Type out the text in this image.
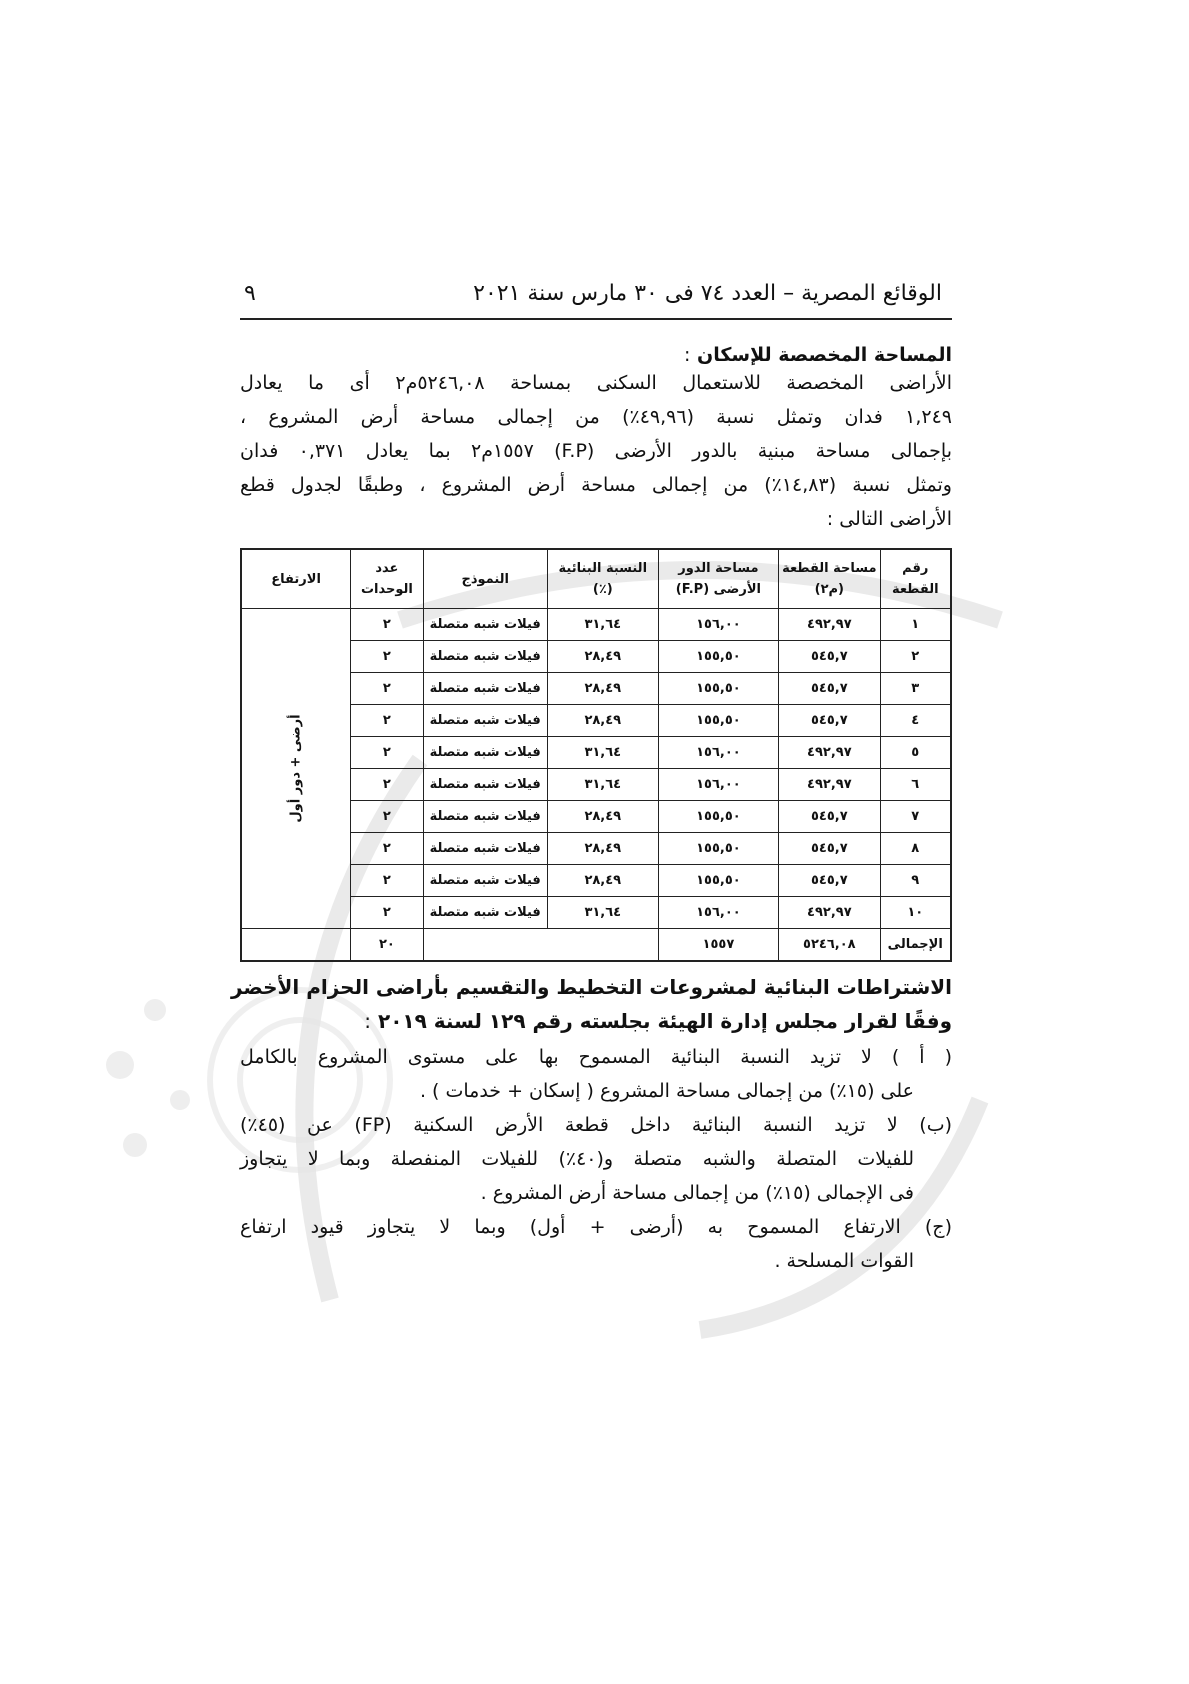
الوقائع المصرية – العدد ٧٤ فى ٣٠ مارس سنة ٢٠٢١
٩
المساحة المخصصة للإسكان :
الأراضى المخصصة للاستعمال السكنى بمساحة ٥٢٤٦,٠٨م٢ أى ما يعادل
١,٢٤٩ فدان وتمثل نسبة (٤٩,٩٦٪) من إجمالى مساحة أرض المشروع ،
بإجمالى مساحة مبنية بالدور الأرضى (F.P) ١٥٥٧م٢ بما يعادل ٠,٣٧١ فدان
وتمثل نسبة (١٤,٨٣٪) من إجمالى مساحة أرض المشروع ، وطبقًا لجدول قطع
الأراضى التالى :
رقم القطعة	مساحة القطعة (م٢)	مساحة الدور الأرضى (F.P)	النسبة البنائية (٪)	النموذج	عدد الوحدات	الارتفاع
١	٤٩٢,٩٧	١٥٦,٠٠	٣١,٦٤	فيلات شبه متصلة	٢	أرضى + دور أول
٢	٥٤٥,٧	١٥٥,٥٠	٢٨,٤٩	فيلات شبه متصلة	٢	
٣	٥٤٥,٧	١٥٥,٥٠	٢٨,٤٩	فيلات شبه متصلة	٢	
٤	٥٤٥,٧	١٥٥,٥٠	٢٨,٤٩	فيلات شبه متصلة	٢	
٥	٤٩٢,٩٧	١٥٦,٠٠	٣١,٦٤	فيلات شبه متصلة	٢	
٦	٤٩٢,٩٧	١٥٦,٠٠	٣١,٦٤	فيلات شبه متصلة	٢	
٧	٥٤٥,٧	١٥٥,٥٠	٢٨,٤٩	فيلات شبه متصلة	٢	
٨	٥٤٥,٧	١٥٥,٥٠	٢٨,٤٩	فيلات شبه متصلة	٢	
٩	٥٤٥,٧	١٥٥,٥٠	٢٨,٤٩	فيلات شبه متصلة	٢	
١٠	٤٩٢,٩٧	١٥٦,٠٠	٣١,٦٤	فيلات شبه متصلة	٢	
الإجمالى	٥٢٤٦,٠٨	١٥٥٧			٢٠	
الاشتراطات البنائية لمشروعات التخطيط والتقسيم بأراضى الحزام الأخضر
وفقًا لقرار مجلس إدارة الهيئة بجلسته رقم ١٢٩ لسنة ٢٠١٩ :
( أ ) لا تزيد النسبة البنائية المسموح بها على مستوى المشروع بالكامل
على (١٥٪) من إجمالى مساحة المشروع ( إسكان + خدمات ) .
(ب) لا تزيد النسبة البنائية داخل قطعة الأرض السكنية (FP) عن (٤٥٪)
للفيلات المتصلة والشبه متصلة و(٤٠٪) للفيلات المنفصلة وبما لا يتجاوز
فى الإجمالى (١٥٪) من إجمالى مساحة أرض المشروع .
(ج) الارتفاع المسموح به (أرضى + أول) وبما لا يتجاوز قيود ارتفاع
القوات المسلحة .
